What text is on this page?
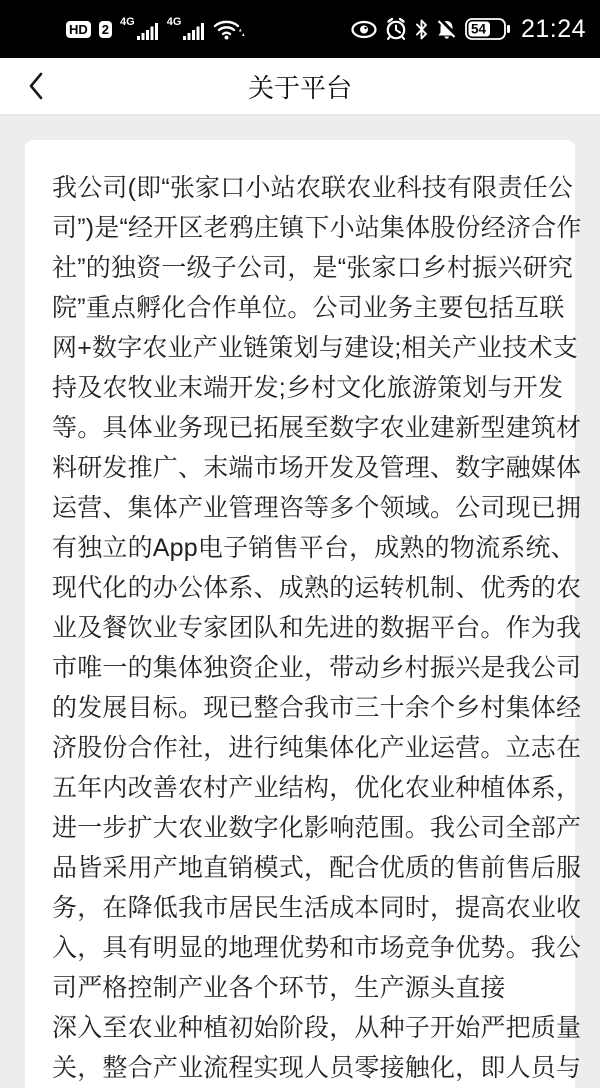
HD 2 4G	4G	54 21:24
关于平台
我公司(即“张家口小站农联农业科技有限责任公
司”)是“经开区老鸦庄镇下小站集体股份经济合作
社”的独资一级子公司，是“张家口乡村振兴研究
院”重点孵化合作单位。公司业务主要包括互联
网+数字农业产业链策划与建设;相关产业技术支
持及农牧业末端开发;乡村文化旅游策划与开发
等。具体业务现已拓展至数字农业建新型建筑材
料研发推广、末端市场开发及管理、数字融媒体
运营、集体产业管理咨等多个领域。公司现已拥
有独立的App电子销售平台，成熟的物流系统、
现代化的办公体系、成熟的运转机制、优秀的农
业及餐饮业专家团队和先进的数据平台。作为我
市唯一的集体独资企业，带动乡村振兴是我公司
的发展目标。现已整合我市三十余个乡村集体经
济股份合作社，进行纯集体化产业运营。立志在
五年内改善农村产业结构，优化农业种植体系，
进一步扩大农业数字化影响范围。我公司全部产
品皆采用产地直销模式，配合优质的售前售后服
务，在降低我市居民生活成本同时，提高农业收
入，具有明显的地理优势和市场竞争优势。我公
司严格控制产业各个环节，生产源头直接
深入至农业种植初始阶段，从种子开始严把质量
关，整合产业流程实现人员零接触化，即人员与
